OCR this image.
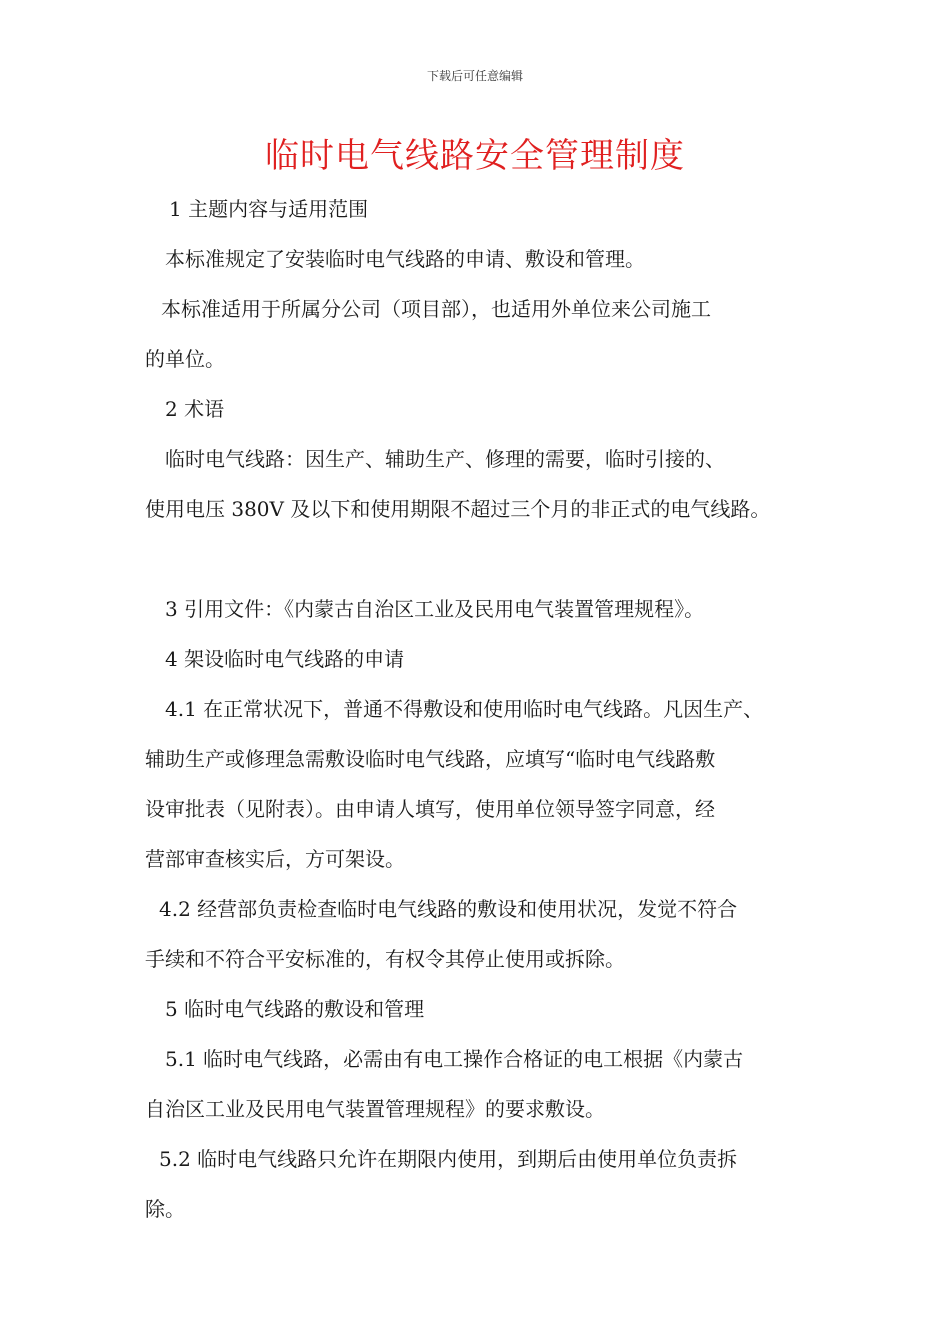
下载后可任意编辑
临时电气线路安全管理制度
1 主题内容与适用范围
本标准规定了安装临时电气线路的申请、敷设和管理。
本标准适用于所属分公司（项目部），也适用外单位来公司施工
的单位。
2 术语
临时电气线路：因生产、辅助生产、修理的需要，临时引接的、
使用电压 380V 及以下和使用期限不超过三个月的非正式的电气线路。
3 引用文件：《内蒙古自治区工业及民用电气装置管理规程》。
4 架设临时电气线路的申请
4.1 在正常状况下，普通不得敷设和使用临时电气线路。凡因生产、
辅助生产或修理急需敷设临时电气线路，应填写“临时电气线路敷
设审批表（见附表）。由申请人填写，使用单位领导签字同意，经
营部审查核实后，方可架设。
4.2 经营部负责检查临时电气线路的敷设和使用状况，发觉不符合
手续和不符合平安标准的，有权令其停止使用或拆除。
5 临时电气线路的敷设和管理
5.1 临时电气线路，必需由有电工操作合格证的电工根据《内蒙古
自治区工业及民用电气装置管理规程》的要求敷设。
5.2 临时电气线路只允许在期限内使用，到期后由使用单位负责拆
除。
